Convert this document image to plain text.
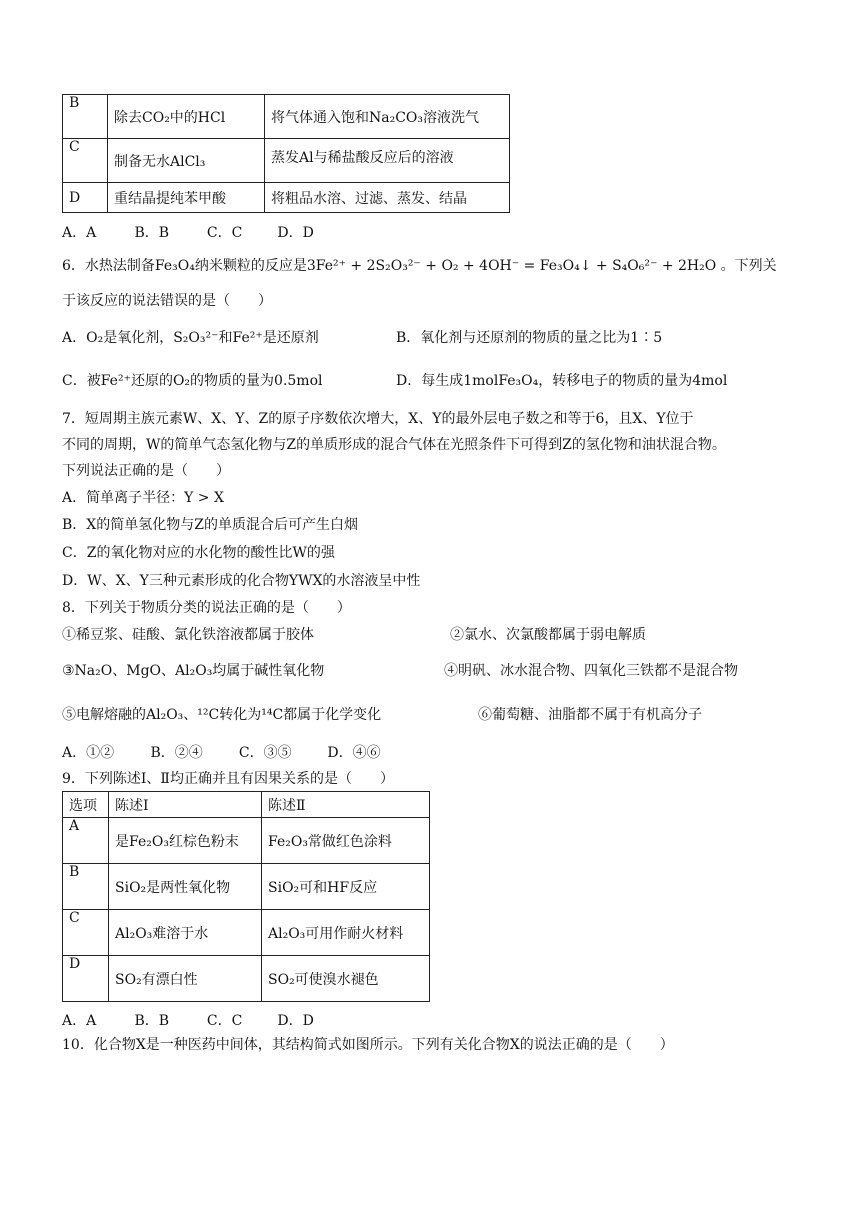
B	除去CO₂中的HCl	将气体通入饱和Na₂CO₃溶液洗气
C	制备无水AlCl₃	蒸发Al与稀盐酸反应后的溶液
D	重结晶提纯苯甲酸	将粗品水溶、过滤、蒸发、结晶
A．A	B．B	C．C	D．D
6．水热法制备Fe₃O₄纳米颗粒的反应是3Fe²⁺ + 2S₂O₃²⁻ + O₂ + 4OH⁻ = Fe₃O₄↓ + S₄O₆²⁻ + 2H₂O 。下列关
于该反应的说法错误的是（　　）
A．O₂是氧化剂，S₂O₃²⁻和Fe²⁺是还原剂	B．氧化剂与还原剂的物质的量之比为1∶5
C．被Fe²⁺还原的O₂的物质的量为0.5mol	D．每生成1molFe₃O₄，转移电子的物质的量为4mol
7．短周期主族元素W、X、Y、Z的原子序数依次增大，X、Y的最外层电子数之和等于6，且X、Y位于
不同的周期，W的简单气态氢化物与Z的单质形成的混合气体在光照条件下可得到Z的氢化物和油状混合物。
下列说法正确的是（　　）
A．简单离子半径：Y > X
B．X的简单氢化物与Z的单质混合后可产生白烟
C．Z的氧化物对应的水化物的酸性比W的强
D．W、X、Y三种元素形成的化合物YWX的水溶液呈中性
8．下列关于物质分类的说法正确的是（　　）
①稀豆浆、硅酸、氯化铁溶液都属于胶体	②氯水、次氯酸都属于弱电解质
③Na₂O、MgO、Al₂O₃均属于碱性氧化物	④明矾、冰水混合物、四氧化三铁都不是混合物
⑤电解熔融的Al₂O₃、¹²C转化为¹⁴C都属于化学变化	⑥葡萄糖、油脂都不属于有机高分子
A．①②	B．②④	C．③⑤	D．④⑥
9．下列陈述Ⅰ、Ⅱ均正确并且有因果关系的是（　　）
选项	陈述Ⅰ	陈述Ⅱ
A	是Fe₂O₃红棕色粉末	Fe₂O₃常做红色涂料
B	SiO₂是两性氧化物	SiO₂可和HF反应
C	Al₂O₃难溶于水	Al₂O₃可用作耐火材料
D	SO₂有漂白性	SO₂可使溴水褪色
A．A	B．B	C．C	D．D
10．化合物X是一种医药中间体，其结构简式如图所示。下列有关化合物X的说法正确的是（　　）
